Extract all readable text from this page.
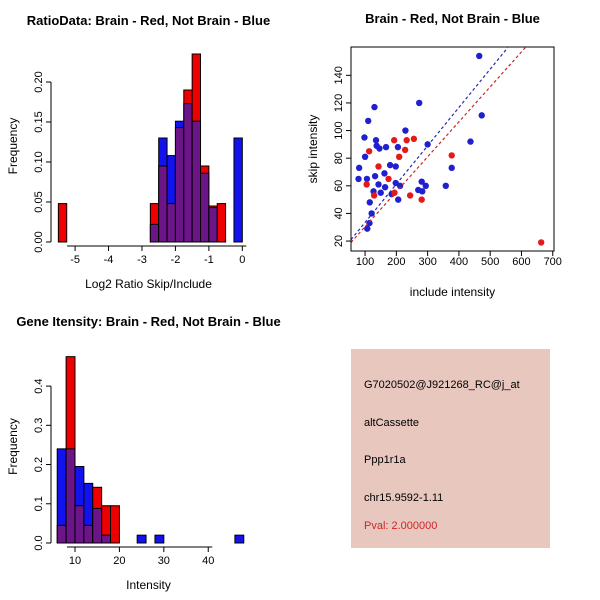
-5 -4 -3 -2 -1 0
0.00
0.05
0.10
0.15
0.20
RatioData: Brain - Red, Not Brain - Blue
Log2 Ratio Skip/Include
Frequency
100 200 300 400 500 600 700
20
40
60
80
100
120
140
Brain - Red, Not Brain - Blue
include intensity
skip intensity
10	20	30	40
0.0
0.1
0.2
0.3
0.4
Gene Itensity: Brain - Red, Not Brain - Blue
Intensity
Frequency
G7020502@J921268_RC@j_at
altCassette
Ppp1r1a
chr15.9592-1.11
Pval: 2.000000
